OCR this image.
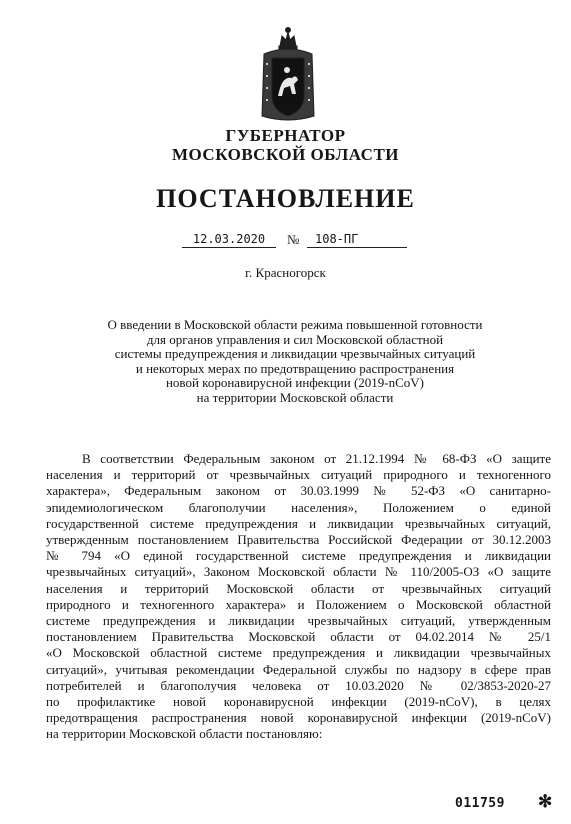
ГУБЕРНАТОР
МОСКОВСКОЙ ОБЛАСТИ
ПОСТАНОВЛЕНИЕ
12.03.2020	№	108-ПГ
г. Красногорск
О введении в Московской области режима повышенной готовности
для органов управления и сил Московской областной
системы предупреждения и ликвидации чрезвычайных ситуаций
и некоторых мерах по предотвращению распространения
новой коронавирусной инфекции (2019-nCoV)
на территории Московской области
В соответствии Федеральным законом от 21.12.1994 № 68-ФЗ «О защите
населения и территорий от чрезвычайных ситуаций природного и техногенного
характера», Федеральным законом от 30.03.1999 № 52-ФЗ «О санитарно-
эпидемиологическом благополучии населения», Положением о единой
государственной системе предупреждения и ликвидации чрезвычайных ситуаций,
утвержденным постановлением Правительства Российской Федерации от 30.12.2003
№ 794 «О единой государственной системе предупреждения и ликвидации
чрезвычайных ситуаций», Законом Московской области № 110/2005-ОЗ «О защите
населения и территорий Московской области от чрезвычайных ситуаций
природного и техногенного характера» и Положением о Московской областной
системе предупреждения и ликвидации чрезвычайных ситуаций, утвержденным
постановлением Правительства Московской области от 04.02.2014 № 25/1
«О Московской областной системе предупреждения и ликвидации чрезвычайных
ситуаций», учитывая рекомендации Федеральной службы по надзору в сфере прав
потребителей и благополучия человека от 10.03.2020 № 02/3853-2020-27
по профилактике новой коронавирусной инфекции (2019-nCoV), в целях
предотвращения распространения новой коронавирусной инфекции (2019-nCoV)
на территории Московской области постановляю:
011759 ✻
